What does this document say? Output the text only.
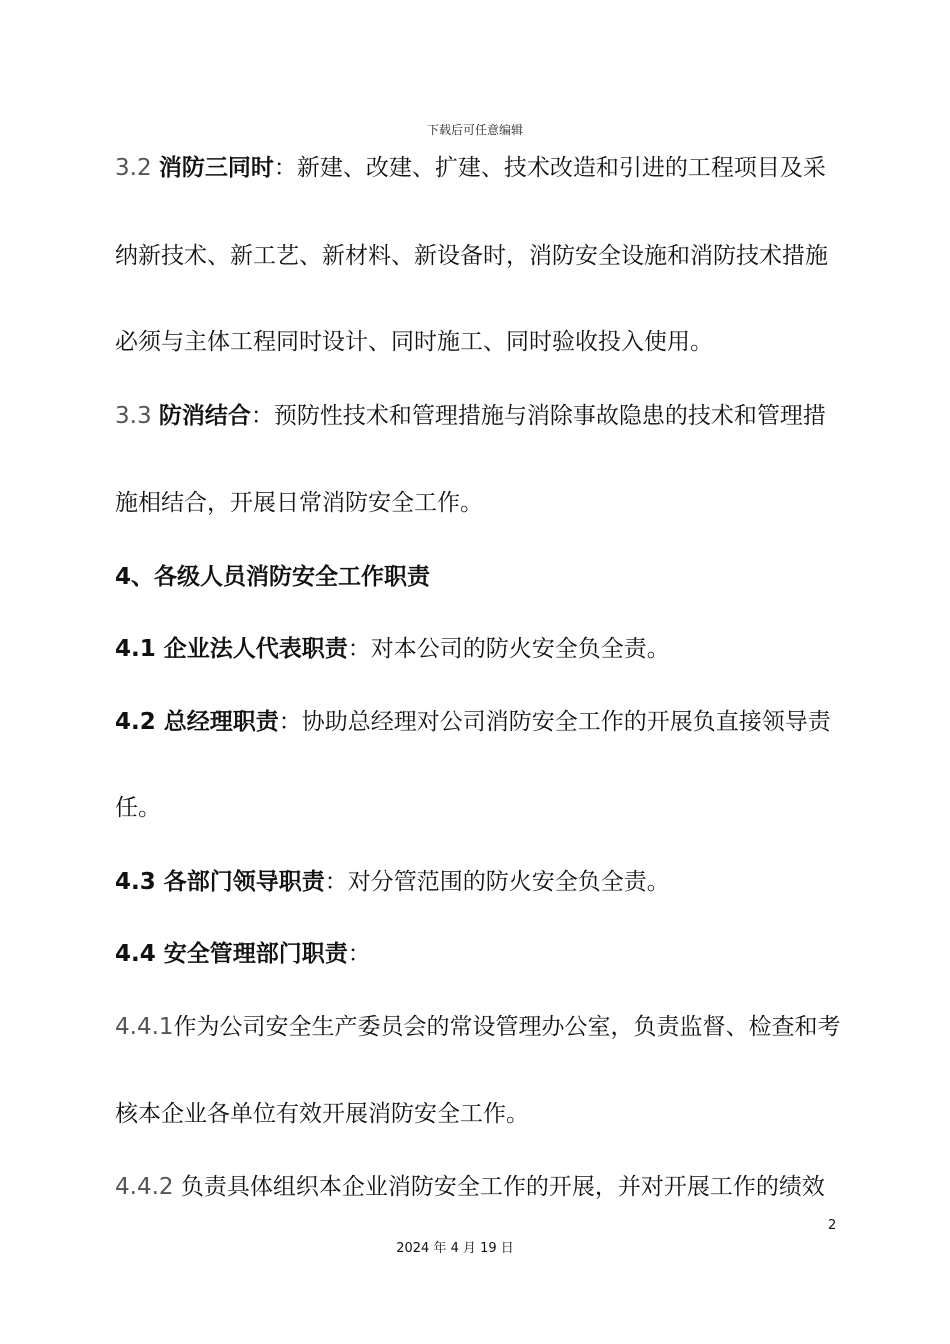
下载后可任意编辑
3.2 消防三同时：新建、改建、扩建、技术改造和引进的工程项目及采
纳新技术、新工艺、新材料、新设备时，消防安全设施和消防技术措施
必须与主体工程同时设计、同时施工、同时验收投入使用。
3.3 防消结合：预防性技术和管理措施与消除事故隐患的技术和管理措
施相结合，开展日常消防安全工作。
4、各级人员消防安全工作职责
4.1 企业法人代表职责：对本公司的防火安全负全责。
4.2 总经理职责：协助总经理对公司消防安全工作的开展负直接领导责
任。
4.3 各部门领导职责：对分管范围的防火安全负全责。
4.4 安全管理部门职责：
4.4.1作为公司安全生产委员会的常设管理办公室，负责监督、检查和考
核本企业各单位有效开展消防安全工作。
4.4.2 负责具体组织本企业消防安全工作的开展，并对开展工作的绩效
2
2024 年 4 月 19 日
